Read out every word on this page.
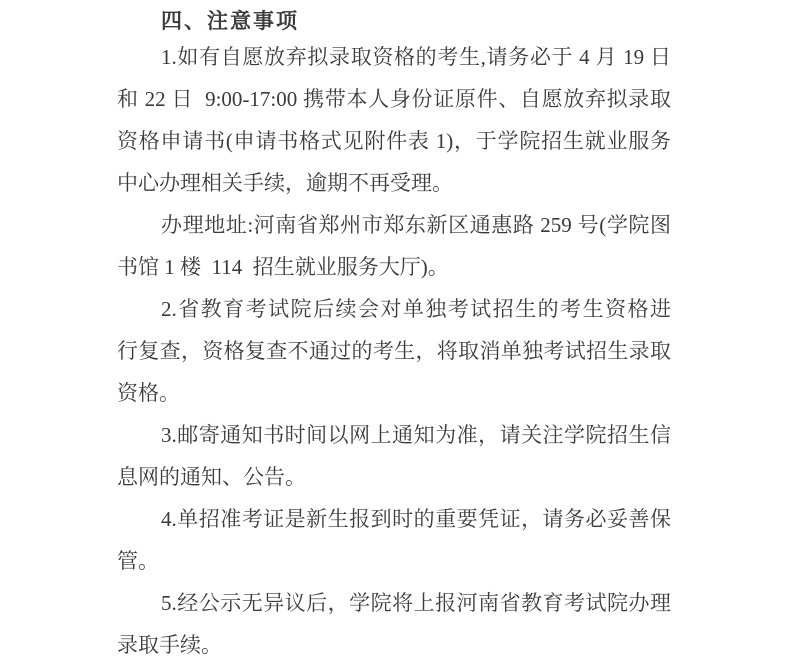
四、注意事项
1.如有自愿放弃拟录取资格的考生,请务必于 4 月 19 日
和 22 日  9:00-17:00 携带本人身份证原件、自愿放弃拟录取
资格申请书(申请书格式见附件表 1)，于学院招生就业服务
中心办理相关手续，逾期不再受理。
办理地址:河南省郑州市郑东新区通惠路 259 号(学院图
书馆 1 楼  114  招生就业服务大厅)。
2.省教育考试院后续会对单独考试招生的考生资格进
行复查，资格复查不通过的考生，将取消单独考试招生录取
资格。
3.邮寄通知书时间以网上通知为准，请关注学院招生信
息网的通知、公告。
4.单招准考证是新生报到时的重要凭证，请务必妥善保
管。
5.经公示无异议后，学院将上报河南省教育考试院办理
录取手续。
